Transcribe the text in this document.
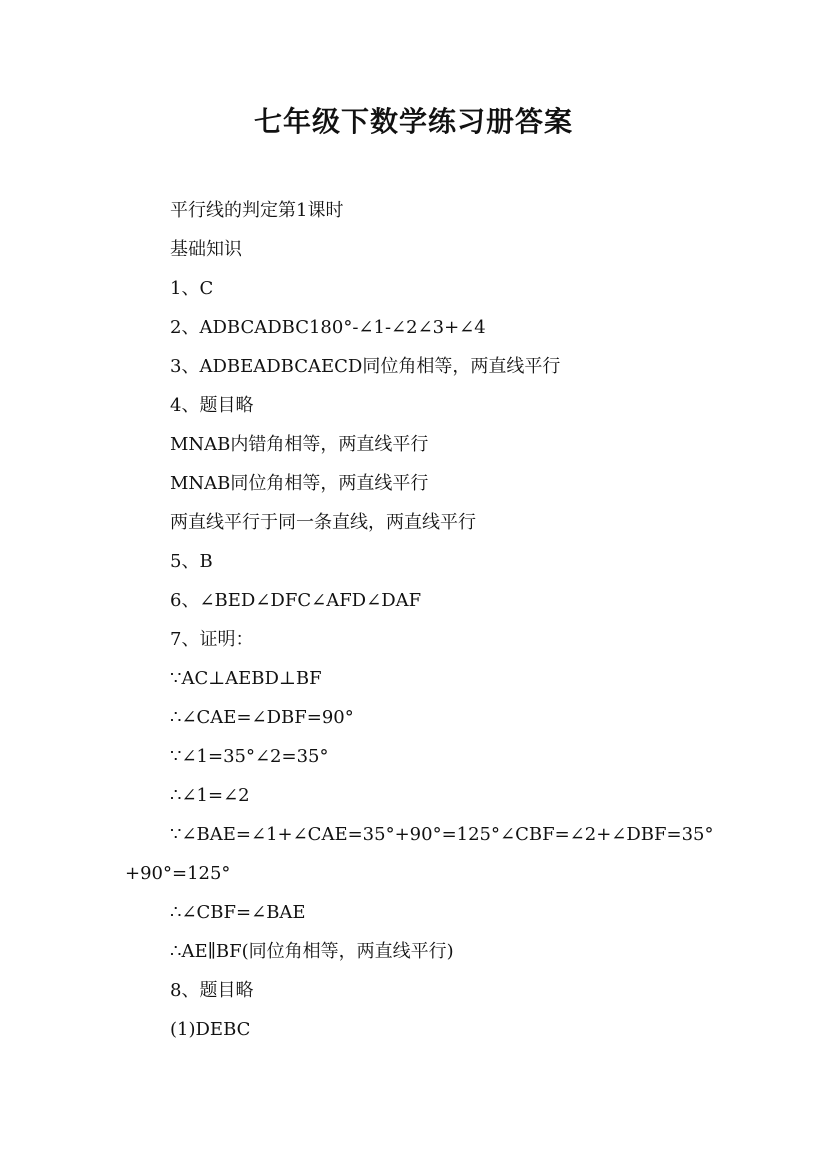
七年级下数学练习册答案
平行线的判定第1课时
基础知识
1、C
2、ADBCADBC180°-∠1-∠2∠3+∠4
3、ADBEADBCAECD同位角相等，两直线平行
4、题目略
MNAB内错角相等，两直线平行
MNAB同位角相等，两直线平行
两直线平行于同一条直线，两直线平行
5、B
6、∠BED∠DFC∠AFD∠DAF
7、证明：
∵AC⊥AEBD⊥BF
∴∠CAE=∠DBF=90°
∵∠1=35°∠2=35°
∴∠1=∠2
∵∠BAE=∠1+∠CAE=35°+90°=125°∠CBF=∠2+∠DBF=35°+90°=125°
∴∠CBF=∠BAE
∴AE∥BF(同位角相等，两直线平行)
8、题目略
(1)DEBC
